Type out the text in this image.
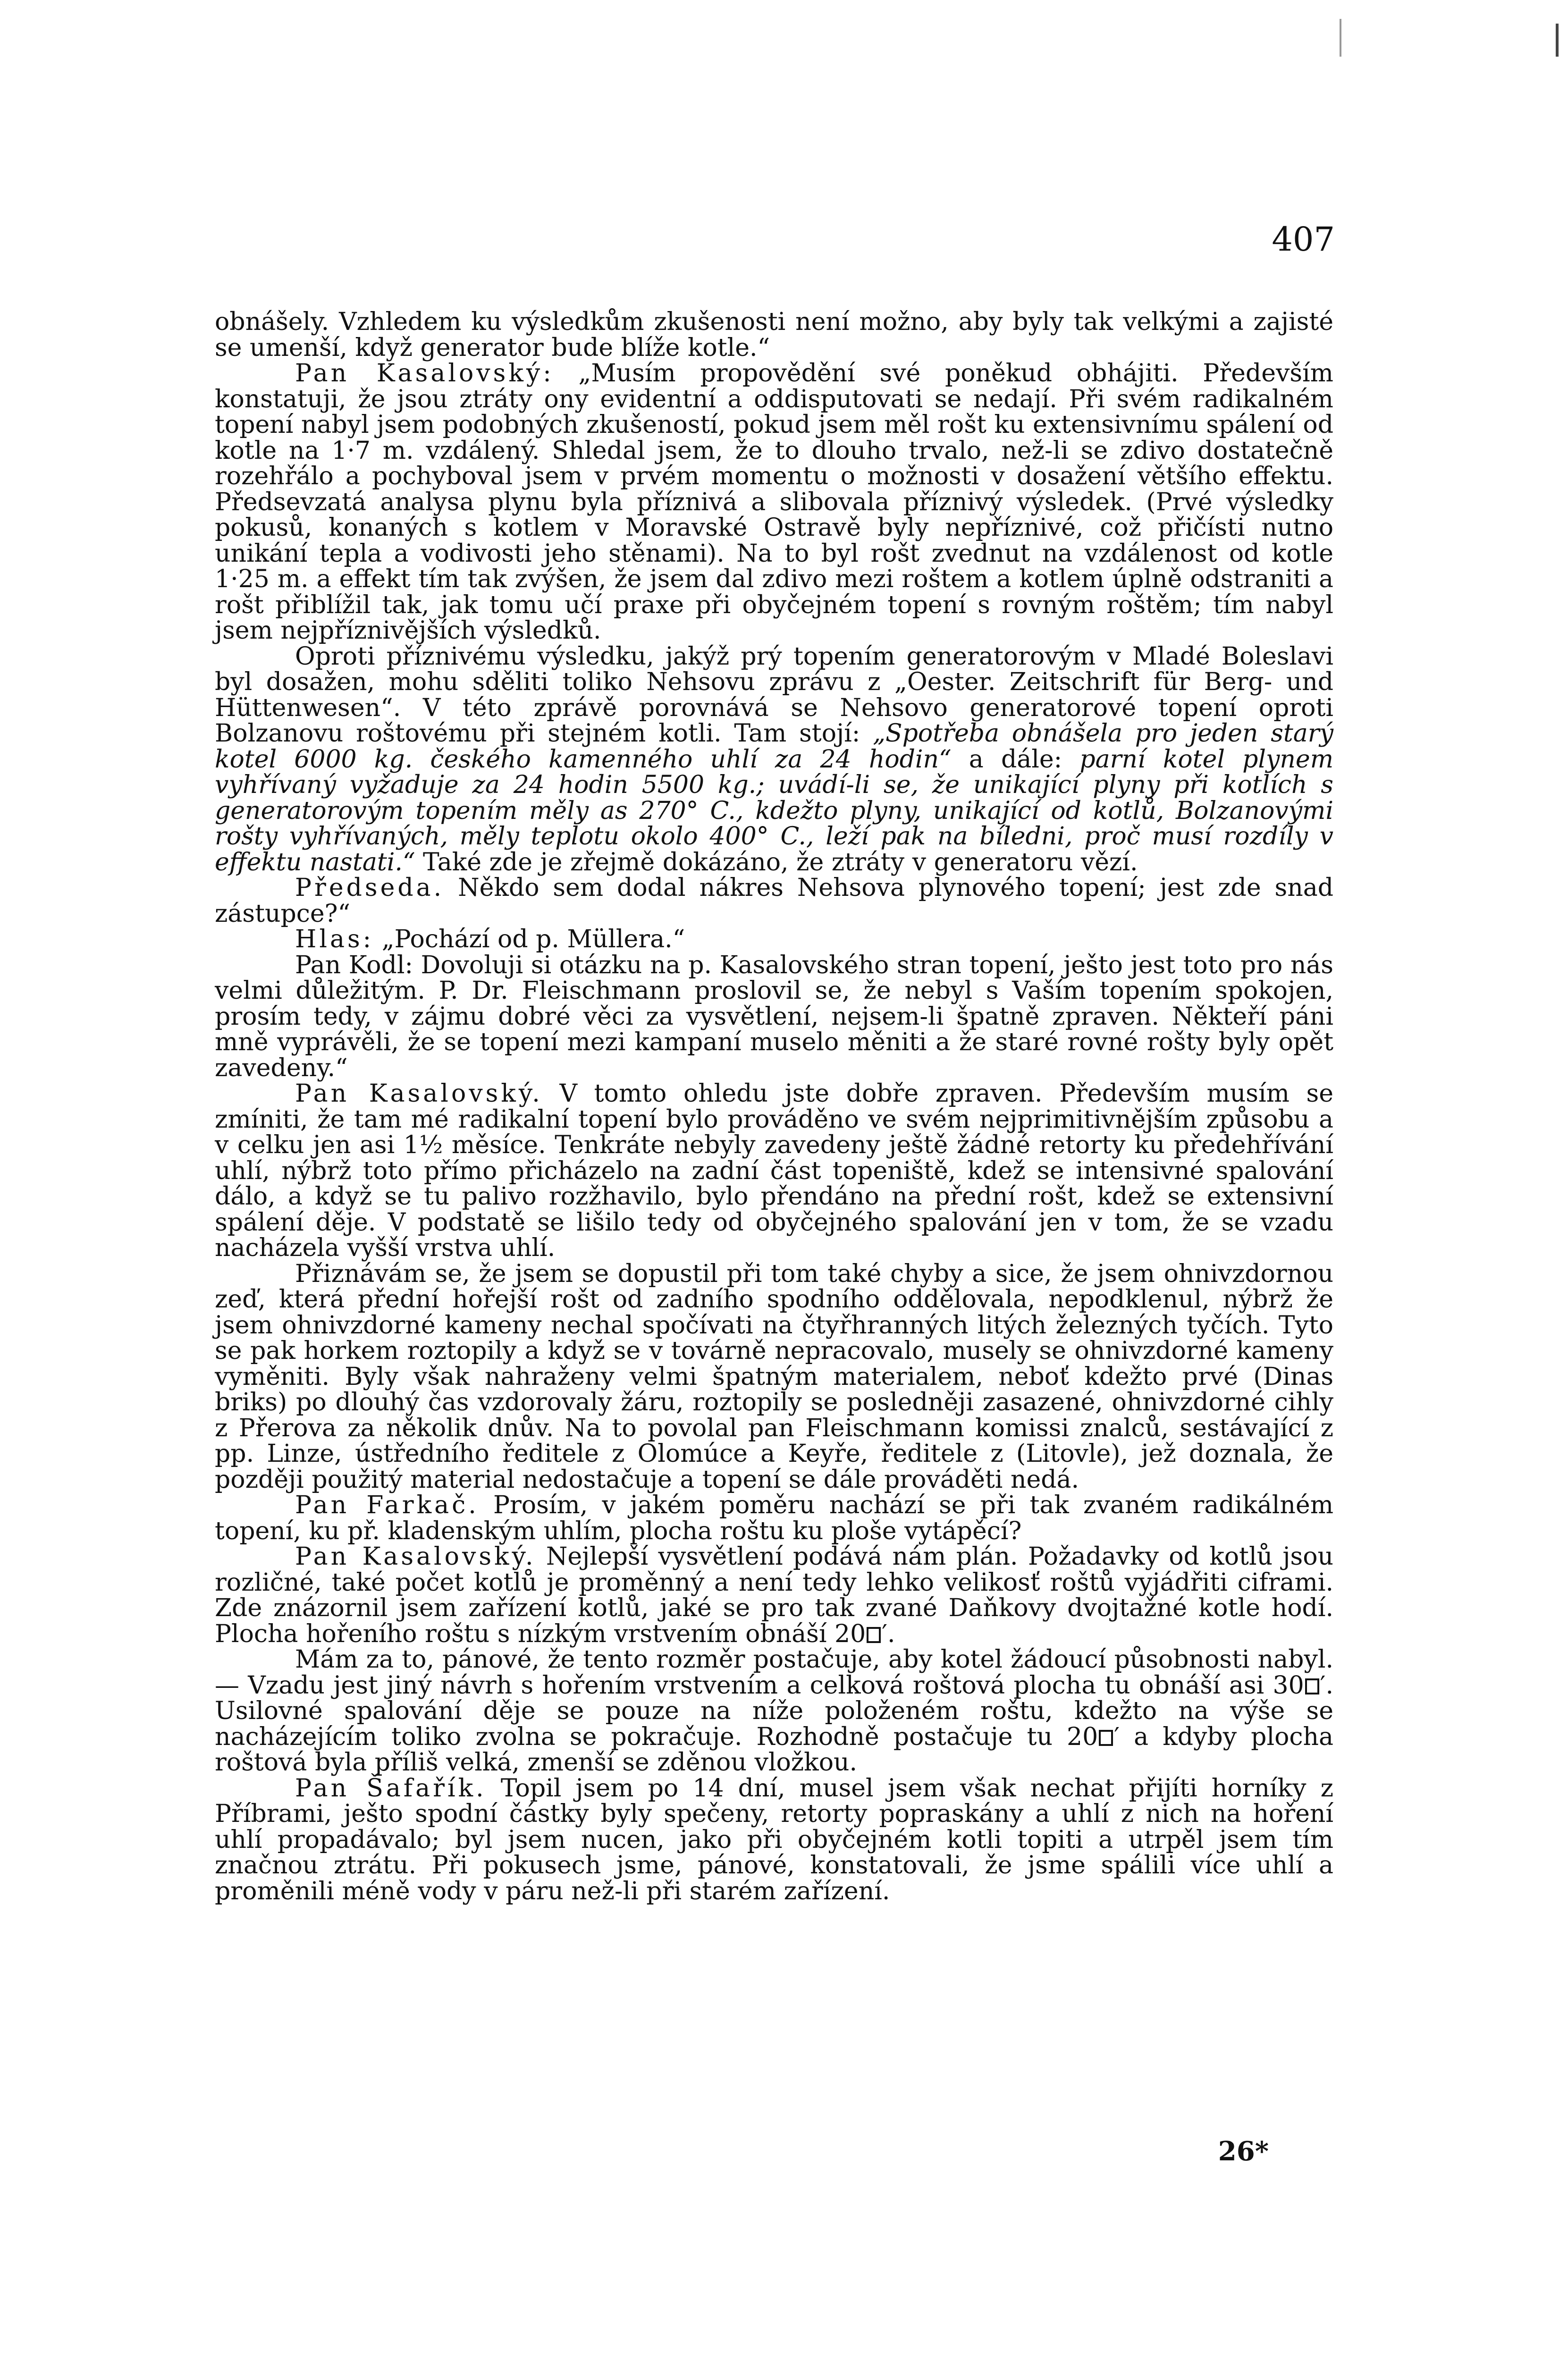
407

obnášely. Vzhledem ku výsledkům zkušenosti není možno, aby byly tak velkými a zajisté se umenší, když generator bude blíže kotle.“

Pan Kasalovský: „Musím propovědění své poněkud obhájiti. Především konstatuji, že jsou ztráty ony evidentní a oddisputovati se nedají. Při svém radikalném topení nabyl jsem podobných zkušeností, pokud jsem měl rošt ku extensivnímu spálení od kotle na 1·7 m. vzdálený. Shledal jsem, že to dlouho trvalo, než-li se zdivo dostatečně rozehřálo a pochyboval jsem v prvém momentu o možnosti v dosažení většího effektu. Předsevzatá analysa plynu byla příznivá a slibovala příznivý výsledek. (Prvé výsledky pokusů, konaných s kotlem v Moravské Ostravě byly nepříznivé, což přičísti nutno unikání tepla a vodivosti jeho stěnami). Na to byl rošt zvednut na vzdálenost od kotle 1·25 m. a effekt tím tak zvýšen, že jsem dal zdivo mezi roštem a kotlem úplně odstraniti a rošt přiblížil tak, jak tomu učí praxe při obyčejném topení s rovným roštěm; tím nabyl jsem nejpříznivějších výsledků.

Oproti příznivému výsledku, jakýž prý topením generatorovým v Mladé Boleslavi byl dosažen, mohu sděliti toliko Nehsovu zprávu z „Oester. Zeitschrift für Berg- und Hüttenwesen“. V této zprávě porovnává se Nehsovo generatorové topení oproti Bolzanovu roštovému při stejném kotli. Tam stojí: „Spotřeba obnášela pro jeden starý kotel 6000 kg. českého kamenného uhlí za 24 hodin“ a dále: parní kotel plynem vyhřívaný vyžaduje za 24 hodin 5500 kg.; uvádí-li se, že unikající plyny při kotlích s generatorovým topením měly as 270° C., kdežto plyny, unikající od kotlů, Bolzanovými rošty vyhřívaných, měly teplotu okolo 400° C., leží pak na bíledni, proč musí rozdíly v effektu nastati.“ Také zde je zřejmě dokázáno, že ztráty v generatoru vězí.

Předseda. Někdo sem dodal nákres Nehsova plynového topení; jest zde snad zástupce?“

Hlas: „Pochází od p. Müllera.“

Pan Kodl: Dovoluji si otázku na p. Kasalovského stran topení, ješto jest toto pro nás velmi důležitým. P. Dr. Fleischmann proslovil se, že nebyl s Vaším topením spokojen, prosím tedy, v zájmu dobré věci za vysvětlení, nejsem-li špatně zpraven. Někteří páni mně vyprávěli, že se topení mezi kampaní muselo měniti a že staré rovné rošty byly opět zavedeny.“

Pan Kasalovský. V tomto ohledu jste dobře zpraven. Především musím se zmíniti, že tam mé radikalní topení bylo prováděno ve svém nejprimitivnějším způsobu a v celku jen asi 1½ měsíce. Tenkráte nebyly zavedeny ještě žádné retorty ku předehřívání uhlí, nýbrž toto přímo přicházelo na zadní část topeniště, kdež se intensivné spalování dálo, a když se tu palivo rozžhavilo, bylo přendáno na přední rošt, kdež se extensivní spálení děje. V podstatě se lišilo tedy od obyčejného spalování jen v tom, že se vzadu nacházela vyšší vrstva uhlí.

Přiznávám se, že jsem se dopustil při tom také chyby a sice, že jsem ohnivzdornou zeď, která přední hořejší rošt od zadního spodního oddělovala, nepodklenul, nýbrž že jsem ohnivzdorné kameny nechal spočívati na čtyřhranných litých železných tyčích. Tyto se pak horkem roztopily a když se v továrně nepracovalo, musely se ohnivzdorné kameny vyměniti. Byly však nahraženy velmi špatným materialem, neboť kdežto prvé (Dinas briks) po dlouhý čas vzdorovaly žáru, roztopily se posledněji zasazené, ohnivzdorné cihly z Přerova za několik dnův. Na to povolal pan Fleischmann komissi znalců, sestávající z pp. Linze, ústředního ředitele z Olomúce a Keyře, ředitele z (Litovle), jež doznala, že později použitý material nedostačuje a topení se dále prováděti nedá.

Pan Farkač. Prosím, v jakém poměru nachází se při tak zvaném radikálném topení, ku př. kladenským uhlím, plocha roštu ku ploše vytápěcí?

Pan Kasalovský. Nejlepší vysvětlení podává nám plán. Požadavky od kotlů jsou rozličné, také počet kotlů je proměnný a není tedy lehko velikosť roštů vyjádřiti ciframi. Zde znázornil jsem zařízení kotlů, jaké se pro tak zvané Daňkovy dvojtažné kotle hodí. Plocha hořeního roštu s nízkým vrstvením obnáší 20 ′.

Mám za to, pánové, že tento rozměr postačuje, aby kotel žádoucí působnosti nabyl. — Vzadu jest jiný návrh s hořením vrstvením a celková roštová plocha tu obnáší asi 30 ′. Usilovné spalování děje se pouze na níže položeném roštu, kdežto na výše se nacházejícím toliko zvolna se pokračuje. Rozhodně postačuje tu 20 ′ a kdyby plocha roštová byla příliš velká, zmenší se zděnou vložkou.

Pan Šafařík. Topil jsem po 14 dní, musel jsem však nechat přijíti horníky z Příbrami, ješto spodní částky byly spečeny, retorty popraskány a uhlí z nich na hoření uhlí propadávalo; byl jsem nucen, jako při obyčejném kotli topiti a utrpěl jsem tím značnou ztrátu. Při pokusech jsme, pánové, konstatovali, že jsme spálili více uhlí a proměnili méně vody v páru než-li při starém zařízení.

26*
